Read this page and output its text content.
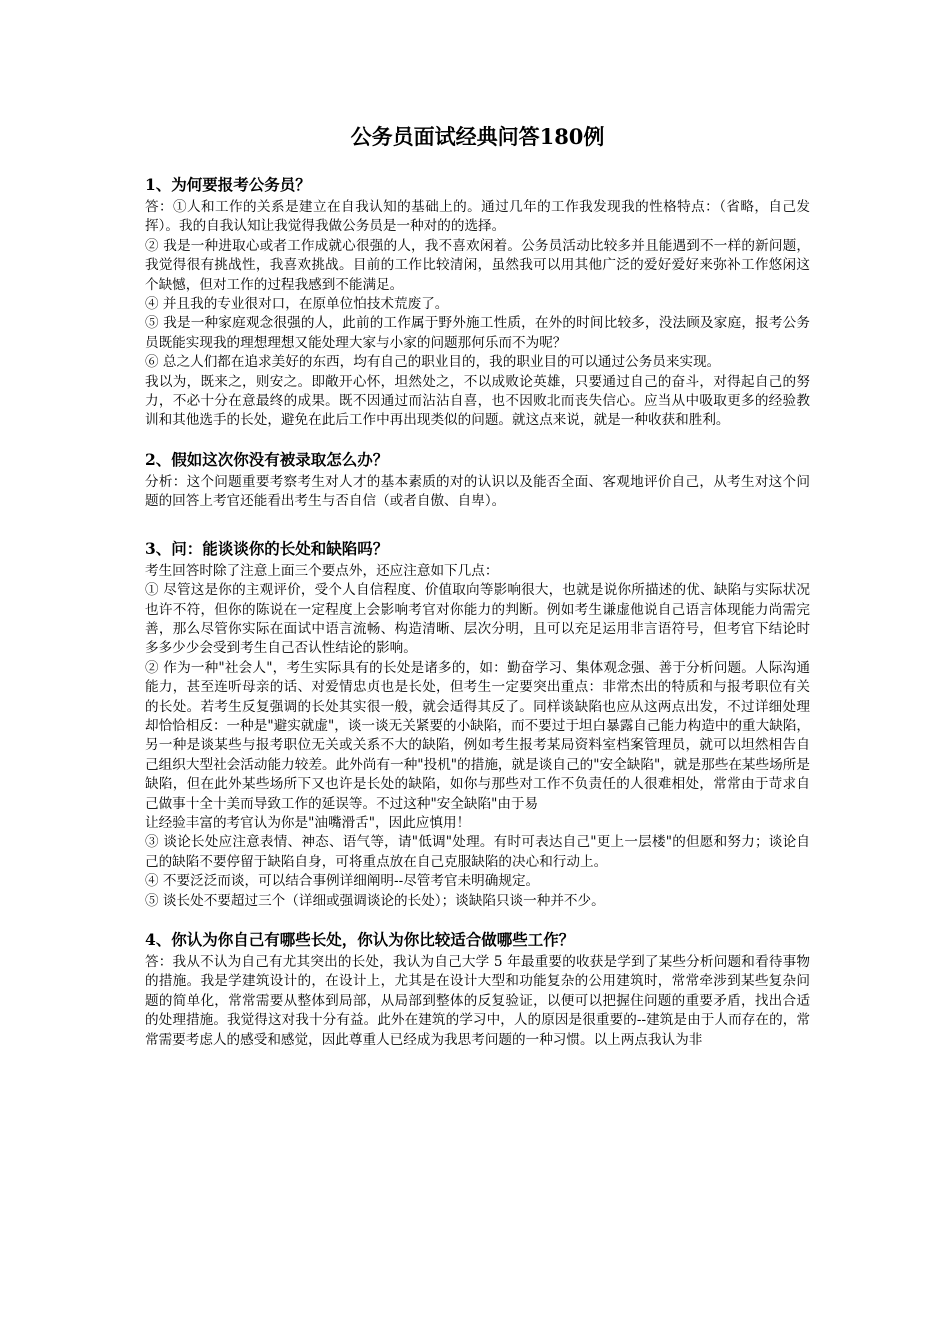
公务员面试经典问答180例
1、为何要报考公务员？

答：①人和工作的关系是建立在自我认知的基础上的。通过几年的工作我发现我的性格特点：（省略，自己发挥）。我的自我认知让我觉得我做公务员是一种对的的选择。

② 我是一种进取心或者工作成就心很强的人，我不喜欢闲着。公务员活动比较多并且能遇到不一样的新问题，我觉得很有挑战性，我喜欢挑战。目前的工作比较清闲，虽然我可以用其他广泛的爱好爱好来弥补工作悠闲这个缺憾，但对工作的过程我感到不能满足。

④ 并且我的专业很对口，在原单位怕技术荒废了。

⑤ 我是一种家庭观念很强的人，此前的工作属于野外施工性质，在外的时间比较多，没法顾及家庭，报考公务员既能实现我的理想理想又能处理大家与小家的问题那何乐而不为呢？

⑥ 总之人们都在追求美好的东西，均有自己的职业目的，我的职业目的可以通过公务员来实现。

我以为，既来之，则安之。即敞开心怀，坦然处之，不以成败论英雄，只要通过自己的奋斗，对得起自己的努力，不必十分在意最终的成果。既不因通过而沾沾自喜，也不因败北而丧失信心。应当从中吸取更多的经验教训和其他选手的长处，避免在此后工作中再出现类似的问题。就这点来说，就是一种收获和胜利。

2、假如这次你没有被录取怎么办？

分析：这个问题重要考察考生对人才的基本素质的对的认识以及能否全面、客观地评价自己，从考生对这个问题的回答上考官还能看出考生与否自信（或者自傲、自卑）。

3、问：能谈谈你的长处和缺陷吗？

考生回答时除了注意上面三个要点外，还应注意如下几点：

① 尽管这是你的主观评价，受个人自信程度、价值取向等影响很大，也就是说你所描述的优、缺陷与实际状况也许不符，但你的陈说在一定程度上会影响考官对你能力的判断。例如考生谦虚他说自己语言体现能力尚需完善，那么尽管你实际在面试中语言流畅、构造清晰、层次分明，且可以充足运用非言语符号，但考官下结论时多多少少会受到考生自己否认性结论的影响。

② 作为一种"社会人"，考生实际具有的长处是诸多的，如：勤奋学习、集体观念强、善于分析问题。人际沟通能力，甚至连听母亲的话、对爱情忠贞也是长处，但考生一定要突出重点：非常杰出的特质和与报考职位有关的长处。若考生反复强调的长处其实很一般，就会适得其反了。同样谈缺陷也应从这两点出发，不过详细处理却恰恰相反：一种是"避实就虚"，谈一谈无关紧要的小缺陷，而不要过于坦白暴露自己能力构造中的重大缺陷，另一种是谈某些与报考职位无关或关系不大的缺陷，例如考生报考某局资料室档案管理员，就可以坦然相告自己组织大型社会活动能力较差。此外尚有一种"投机"的措施，就是谈自己的"安全缺陷"，就是那些在某些场所是缺陷，但在此外某些场所下又也许是长处的缺陷，如你与那些对工作不负责任的人很难相处，常常由于苛求自己做事十全十美而导致工作的延误等。不过这种"安全缺陷"由于易

让经验丰富的考官认为你是"油嘴滑舌"，因此应慎用！

③ 谈论长处应注意表情、神态、语气等，请"低调"处理。有时可表达自己"更上一层楼"的但愿和努力；谈论自己的缺陷不要停留于缺陷自身，可将重点放在自己克服缺陷的决心和行动上。

④ 不要泛泛而谈，可以结合事例详细阐明--尽管考官未明确规定。

⑤ 谈长处不要超过三个（详细或强调谈论的长处）；谈缺陷只谈一种并不少。

4、你认为你自己有哪些长处，你认为你比较适合做哪些工作？

答：我从不认为自己有尤其突出的长处，我认为自己大学 5 年最重要的收获是学到了某些分析问题和看待事物的措施。我是学建筑设计的，在设计上，尤其是在设计大型和功能复杂的公用建筑时，常常牵涉到某些复杂问题的简单化，常常需要从整体到局部，从局部到整体的反复验证，以便可以把握住问题的重要矛盾，找出合适的处理措施。我觉得这对我十分有益。此外在建筑的学习中，人的原因是很重要的--建筑是由于人而存在的，常常需要考虑人的感受和感觉，因此尊重人已经成为我思考问题的一种习惯。以上两点我认为非
